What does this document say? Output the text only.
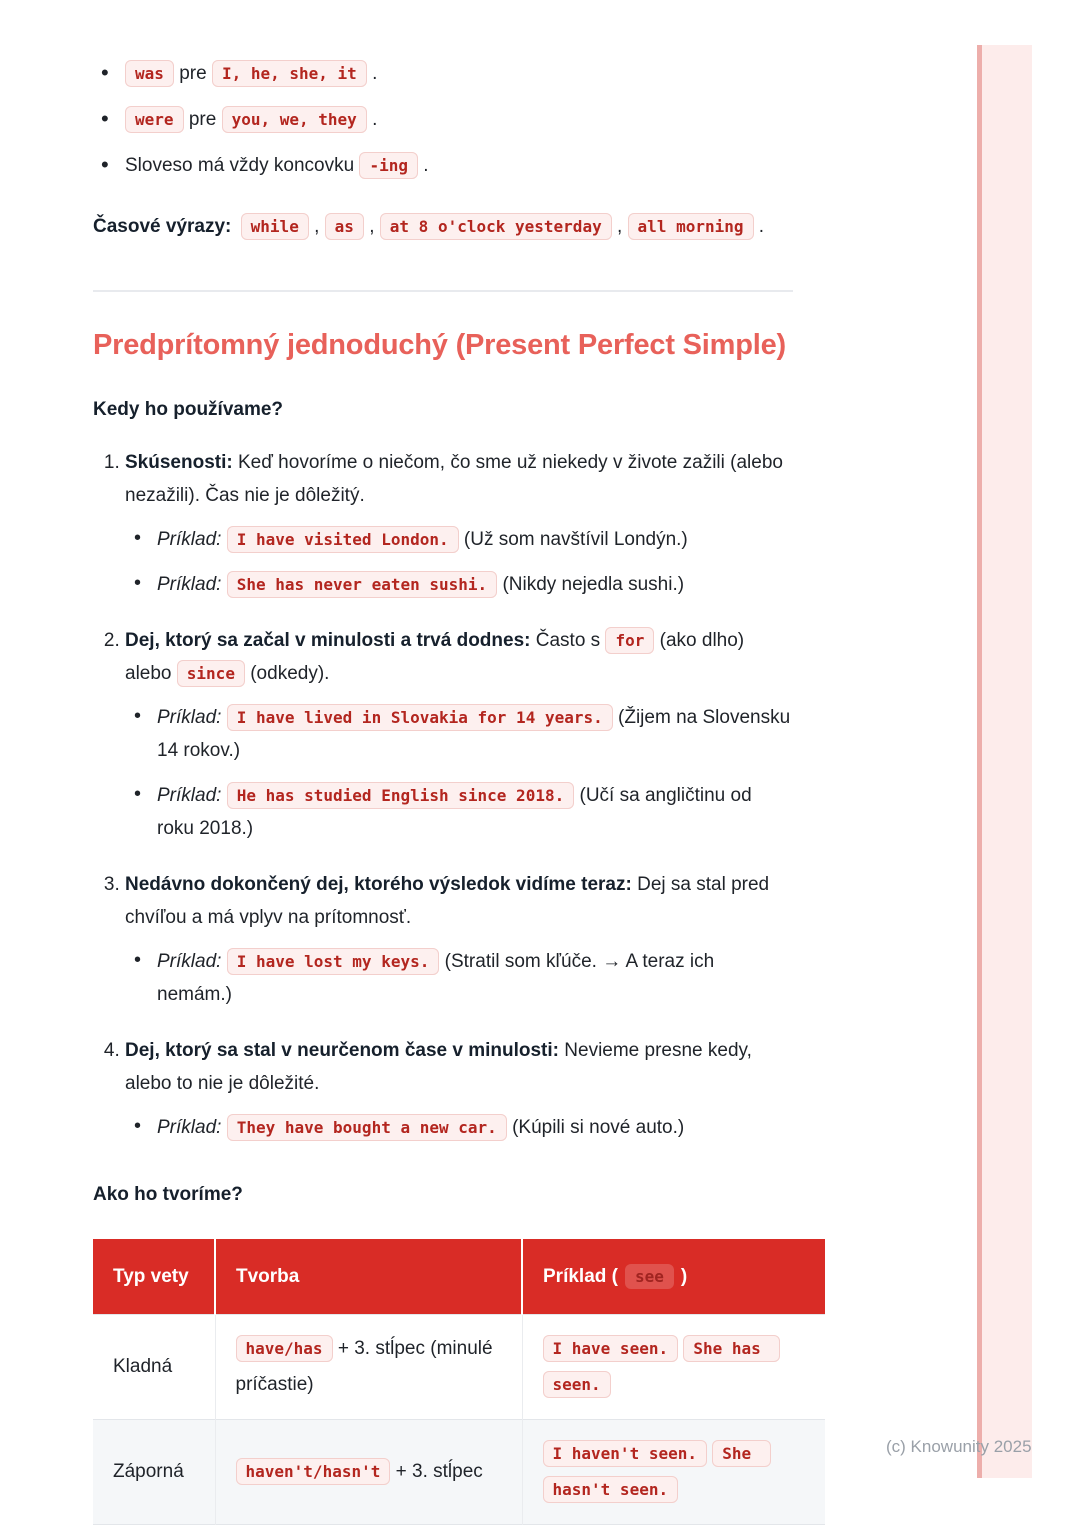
(c) Knowunity 2025
• was pre I, he, she, it .
• were pre you, we, they .
• Sloveso má vždy koncovku -ing .

Časové výrazy: while , as , at 8 o'clock yesterday , all morning .

Predprítomný jednoduchý (Present Perfect Simple)
Kedy ho používame?
1. Skúsenosti: Keď hovoríme o niečom, čo sme už niekedy v živote zažili (alebo nezažili). Čas nie je dôležitý.
• Príklad: I have visited London. (Už som navštívil Londýn.)
• Príklad: She has never eaten sushi. (Nikdy nejedla sushi.)
2. Dej, ktorý sa začal v minulosti a trvá dodnes: Často s for (ako dlho) alebo since (odkedy).
• Príklad: I have lived in Slovakia for 14 years. (Žijem na Slovensku 14 rokov.)
• Príklad: He has studied English since 2018. (Učí sa angličtinu od roku 2018.)
3. Nedávno dokončený dej, ktorého výsledok vidíme teraz: Dej sa stal pred chvíľou a má vplyv na prítomnosť.
• Príklad: I have lost my keys. (Stratil som kľúče. → A teraz ich nemám.)
4. Dej, ktorý sa stal v neurčenom čase v minulosti: Nevieme presne kedy, alebo to nie je dôležité.
• Príklad: They have bought a new car. (Kúpili si nové auto.)
Ako ho tvoríme?
Typ vety	Tvorba	Príklad ( see )
Kladná	have/has + 3. stĺpec (minulé príčastie)	I have seen. She has seen.
Záporná	haven't/hasn't + 3. stĺpec	I haven't seen. She hasn't seen.
